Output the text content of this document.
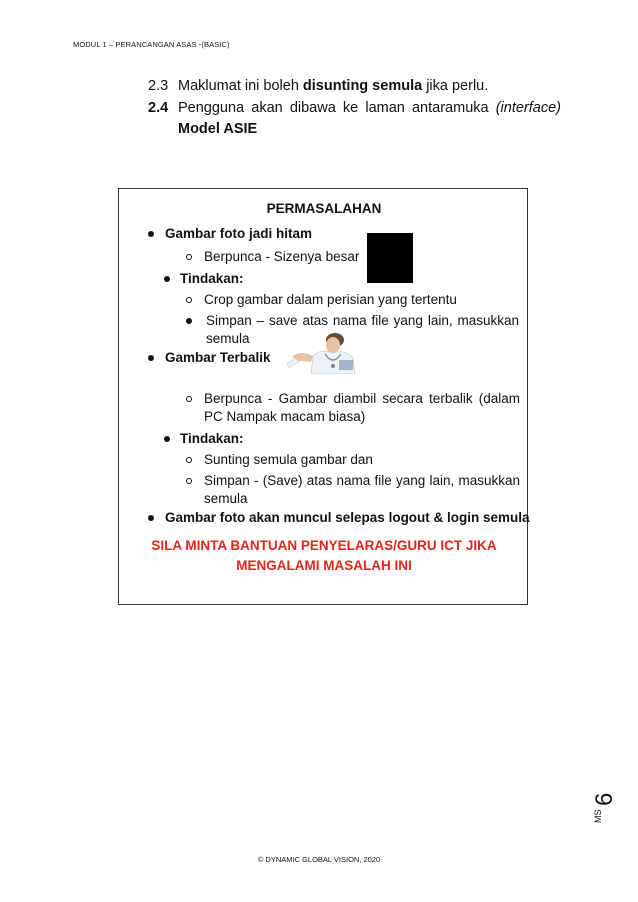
MODUL 1 – PERANCANGAN ASAS -(BASIC)
2.3 Maklumat ini boleh disunting semula jika perlu.
2.4 Pengguna akan dibawa ke laman antaramuka (interface)
Model ASIE
PERMASALAHAN
Gambar foto jadi hitam
Berpunca - Sizenya besar
Tindakan:
Crop gambar dalam perisian yang tertentu
Simpan – save atas nama file yang lain, masukkan
semula
Gambar Terbalik
Berpunca - Gambar diambil secara terbalik (dalam
PC Nampak macam biasa)
Tindakan:
Sunting semula gambar dan
Simpan - (Save) atas nama file yang lain, masukkan
semula
Gambar foto akan muncul selepas logout & login semula
SILA MINTA BANTUAN PENYELARAS/GURU ICT JIKA
MENGALAMI MASALAH INI
MS
6
© DYNAMIC GLOBAL VISION, 2020
